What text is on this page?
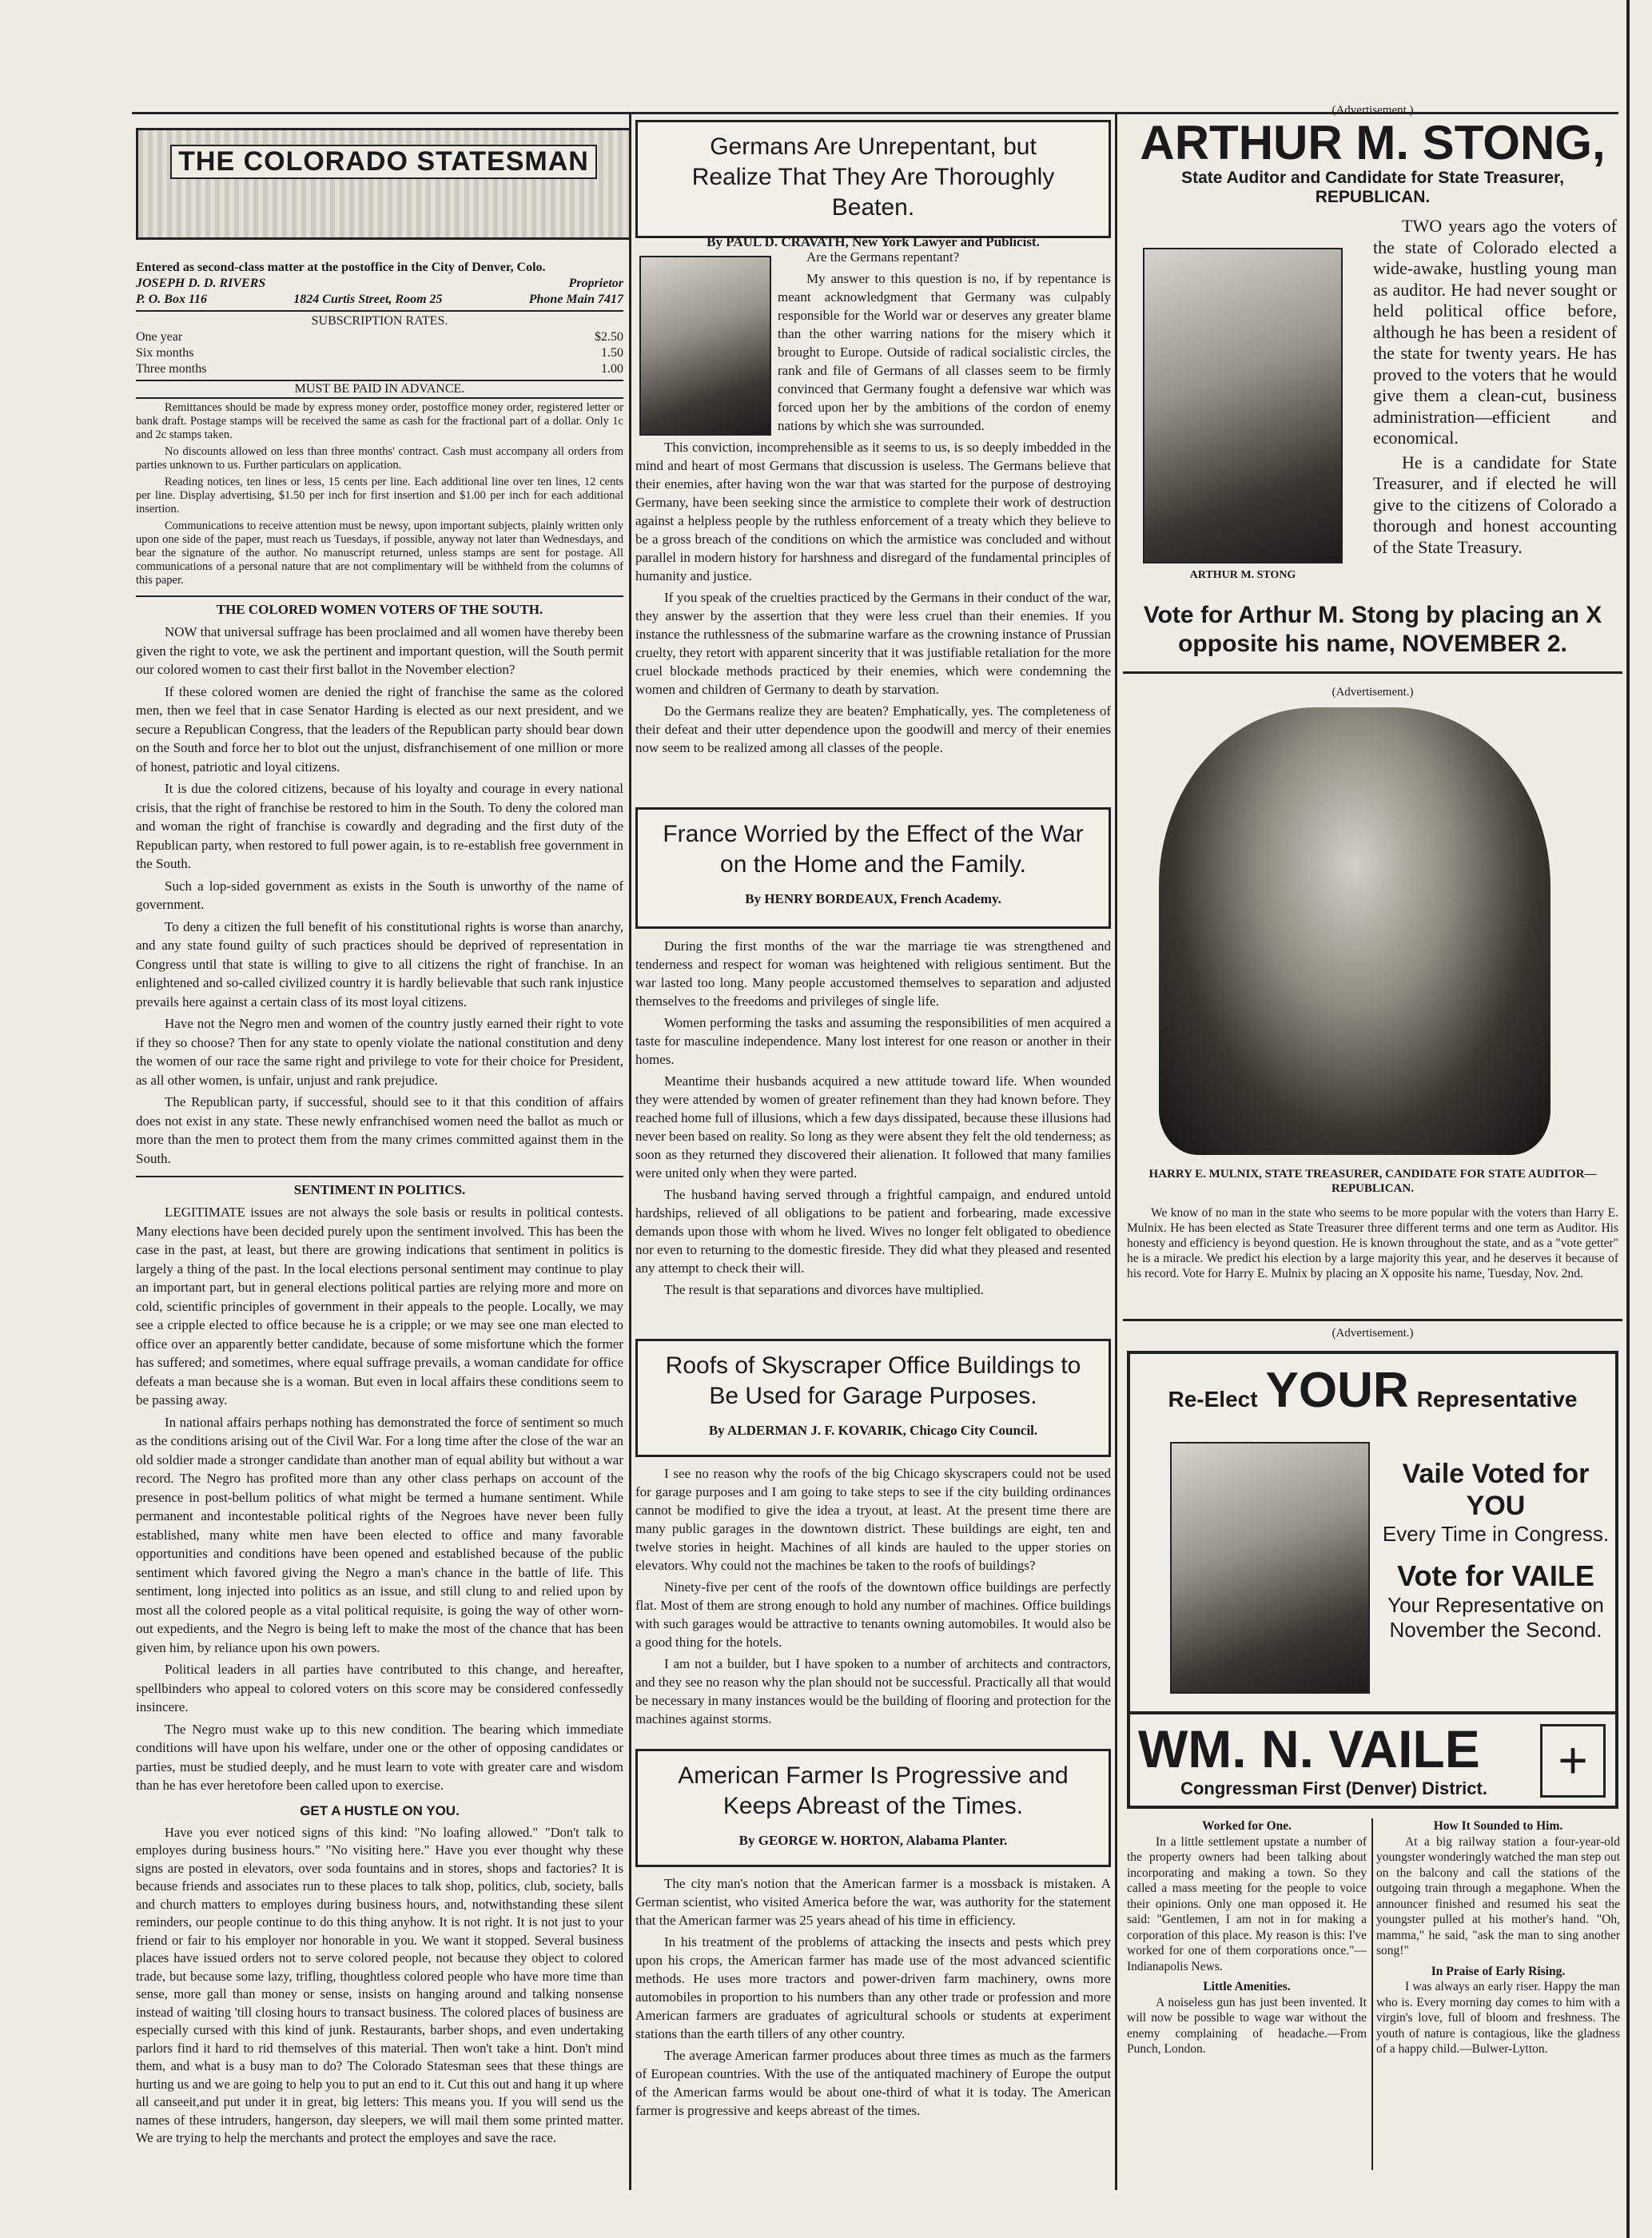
THE COLORADO STATESMAN
Entered as second-class matter at the postoffice in the City of Denver, Colo.
JOSEPH D. D. RIVERS	Proprietor
P. O. Box 116	1824 Curtis Street, Room 25	Phone Main 7417
SUBSCRIPTION RATES.
One year	$2.50
Six months	1.50
Three months	1.00
MUST BE PAID IN ADVANCE.

Remittances should be made by express money order, postoffice money order, registered letter or bank draft. Postage stamps will be received the same as cash for the fractional part of a dollar. Only 1c and 2c stamps taken.

No discounts allowed on less than three months' contract. Cash must accompany all orders from parties unknown to us. Further particulars on application.

Reading notices, ten lines or less, 15 cents per line. Each additional line over ten lines, 12 cents per line. Display advertising, $1.50 per inch for first insertion and $1.00 per inch for each additional insertion.

Communications to receive attention must be newsy, upon important subjects, plainly written only upon one side of the paper, must reach us Tuesdays, if possible, anyway not later than Wednesdays, and bear the signature of the author. No manuscript returned, unless stamps are sent for postage. All communications of a personal nature that are not complimentary will be withheld from the columns of this paper.

THE COLORED WOMEN VOTERS OF THE SOUTH.

NOW that universal suffrage has been proclaimed and all women have thereby been given the right to vote, we ask the pertinent and important question, will the South permit our colored women to cast their first ballot in the November election?

If these colored women are denied the right of franchise the same as the colored men, then we feel that in case Senator Harding is elected as our next president, and we secure a Republican Congress, that the leaders of the Republican party should bear down on the South and force her to blot out the unjust, disfranchisement of one million or more of honest, patriotic and loyal citizens.

It is due the colored citizens, because of his loyalty and courage in every national crisis, that the right of franchise be restored to him in the South. To deny the colored man and woman the right of franchise is cowardly and degrading and the first duty of the Republican party, when restored to full power again, is to re-establish free government in the South.

Such a lop-sided government as exists in the South is unworthy of the name of government.

To deny a citizen the full benefit of his constitutional rights is worse than anarchy, and any state found guilty of such practices should be deprived of representation in Congress until that state is willing to give to all citizens the right of franchise. In an enlightened and so-called civilized country it is hardly believable that such rank injustice prevails here against a certain class of its most loyal citizens.

Have not the Negro men and women of the country justly earned their right to vote if they so choose? Then for any state to openly violate the national constitution and deny the women of our race the same right and privilege to vote for their choice for President, as all other women, is unfair, unjust and rank prejudice.

The Republican party, if successful, should see to it that this condition of affairs does not exist in any state. These newly enfranchised women need the ballot as much or more than the men to protect them from the many crimes committed against them in the South.

SENTIMENT IN POLITICS.

LEGITIMATE issues are not always the sole basis or results in political contests. Many elections have been decided purely upon the sentiment involved. This has been the case in the past, at least, but there are growing indications that sentiment in politics is largely a thing of the past. In the local elections personal sentiment may continue to play an important part, but in general elections political parties are relying more and more on cold, scientific principles of government in their appeals to the people. Locally, we may see a cripple elected to office because he is a cripple; or we may see one man elected to office over an apparently better candidate, because of some misfortune which the former has suffered; and sometimes, where equal suffrage prevails, a woman candidate for office defeats a man because she is a woman. But even in local affairs these conditions seem to be passing away.

In national affairs perhaps nothing has demonstrated the force of sentiment so much as the conditions arising out of the Civil War. For a long time after the close of the war an old soldier made a stronger candidate than another man of equal ability but without a war record. The Negro has profited more than any other class perhaps on account of the presence in post-bellum politics of what might be termed a humane sentiment. While permanent and incontestable political rights of the Negroes have never been fully established, many white men have been elected to office and many favorable opportunities and conditions have been opened and established because of the public sentiment which favored giving the Negro a man's chance in the battle of life. This sentiment, long injected into politics as an issue, and still clung to and relied upon by most all the colored people as a vital political requisite, is going the way of other worn-out expedients, and the Negro is being left to make the most of the chance that has been given him, by reliance upon his own powers.

Political leaders in all parties have contributed to this change, and hereafter, spellbinders who appeal to colored voters on this score may be considered confessedly insincere.

The Negro must wake up to this new condition. The bearing which immediate conditions will have upon his welfare, under one or the other of opposing candidates or parties, must be studied deeply, and he must learn to vote with greater care and wisdom than he has ever heretofore been called upon to exercise.

GET A HUSTLE ON YOU.

Have you ever noticed signs of this kind: "No loafing allowed." "Don't talk to employes during business hours." "No visiting here." Have you ever thought why these signs are posted in elevators, over soda fountains and in stores, shops and factories? It is because friends and associates run to these places to talk shop, politics, club, society, balls and church matters to employes during business hours, and, notwithstanding these silent reminders, our people continue to do this thing anyhow. It is not right. It is not just to your friend or fair to his employer nor honorable in you. We want it stopped. Several business places have issued orders not to serve colored people, not because they object to colored trade, but because some lazy, trifling, thoughtless colored people who have more time than sense, more gall than money or sense, insists on hanging around and talking nonsense instead of waiting 'till closing hours to transact business. The colored places of business are especially cursed with this kind of junk. Restaurants, barber shops, and even undertaking parlors find it hard to rid themselves of this material. Then won't take a hint. Don't mind them, and what is a busy man to do? The Colorado Statesman sees that these things are hurting us and we are going to help you to put an end to it. Cut this out and hang it up where all canseeit,and put under it in great, big letters: This means you. If you will send us the names of these intruders, hangerson, day sleepers, we will mail them some printed matter. We are trying to help the merchants and protect the employes and save the race.

Germans Are Unrepentant, but Realize That They Are Thoroughly Beaten.
By PAUL D. CRAVATH, New York Lawyer and Publicist.

Are the Germans repentant?

My answer to this question is no, if by repentance is meant acknowledgment that Germany was culpably responsible for the World war or deserves any greater blame than the other warring nations for the misery which it brought to Europe. Outside of radical socialistic circles, the rank and file of Germans of all classes seem to be firmly convinced that Germany fought a defensive war which was forced upon her by the ambitions of the cordon of enemy nations by which she was surrounded.

This conviction, incomprehensible as it seems to us, is so deeply imbedded in the mind and heart of most Germans that discussion is useless. The Germans believe that their enemies, after having won the war that was started for the purpose of destroying Germany, have been seeking since the armistice to complete their work of destruction against a helpless people by the ruthless enforcement of a treaty which they believe to be a gross breach of the conditions on which the armistice was concluded and without parallel in modern history for harshness and disregard of the fundamental principles of humanity and justice.

If you speak of the cruelties practiced by the Germans in their conduct of the war, they answer by the assertion that they were less cruel than their enemies. If you instance the ruthlessness of the submarine warfare as the crowning instance of Prussian cruelty, they retort with apparent sincerity that it was justifiable retaliation for the more cruel blockade methods practiced by their enemies, which were condemning the women and children of Germany to death by starvation.

Do the Germans realize they are beaten? Emphatically, yes. The completeness of their defeat and their utter dependence upon the goodwill and mercy of their enemies now seem to be realized among all classes of the people.

France Worried by the Effect of the War on the Home and the Family.
By HENRY BORDEAUX, French Academy.

During the first months of the war the marriage tie was strengthened and tenderness and respect for woman was heightened with religious sentiment. But the war lasted too long. Many people accustomed themselves to separation and adjusted themselves to the freedoms and privileges of single life.

Women performing the tasks and assuming the responsibilities of men acquired a taste for masculine independence. Many lost interest for one reason or another in their homes.

Meantime their husbands acquired a new attitude toward life. When wounded they were attended by women of greater refinement than they had known before. They reached home full of illusions, which a few days dissipated, because these illusions had never been based on reality. So long as they were absent they felt the old tenderness; as soon as they returned they discovered their alienation. It followed that many families were united only when they were parted.

The husband having served through a frightful campaign, and endured untold hardships, relieved of all obligations to be patient and forbearing, made excessive demands upon those with whom he lived. Wives no longer felt obligated to obedience nor even to returning to the domestic fireside. They did what they pleased and resented any attempt to check their will.

The result is that separations and divorces have multiplied.

Roofs of Skyscraper Office Buildings to Be Used for Garage Purposes.
By ALDERMAN J. F. KOVARIK, Chicago City Council.

I see no reason why the roofs of the big Chicago skyscrapers could not be used for garage purposes and I am going to take steps to see if the city building ordinances cannot be modified to give the idea a tryout, at least. At the present time there are many public garages in the downtown district. These buildings are eight, ten and twelve stories in height. Machines of all kinds are hauled to the upper stories on elevators. Why could not the machines be taken to the roofs of buildings?

Ninety-five per cent of the roofs of the downtown office buildings are perfectly flat. Most of them are strong enough to hold any number of machines. Office buildings with such garages would be attractive to tenants owning automobiles. It would also be a good thing for the hotels.

I am not a builder, but I have spoken to a number of architects and contractors, and they see no reason why the plan should not be successful. Practically all that would be necessary in many instances would be the building of flooring and protection for the machines against storms.

American Farmer Is Progressive and Keeps Abreast of the Times.
By GEORGE W. HORTON, Alabama Planter.

The city man's notion that the American farmer is a mossback is mistaken. A German scientist, who visited America before the war, was authority for the statement that the American farmer was 25 years ahead of his time in efficiency.

In his treatment of the problems of attacking the insects and pests which prey upon his crops, the American farmer has made use of the most advanced scientific methods. He uses more tractors and power-driven farm machinery, owns more automobiles in proportion to his numbers than any other trade or profession and more American farmers are graduates of agricultural schools or students at experiment stations than the earth tillers of any other country.

The average American farmer produces about three times as much as the farmers of European countries. With the use of the antiquated machinery of Europe the output of the American farms would be about one-third of what it is today. The American farmer is progressive and keeps abreast of the times.

(Advertisement.)
ARTHUR M. STONG,
State Auditor and Candidate for State Treasurer,
REPUBLICAN.
ARTHUR M. STONG

TWO years ago the voters of the state of Colorado elected a wide-awake, hustling young man as auditor. He had never sought or held political office before, although he has been a resident of the state for twenty years. He has proved to the voters that he would give them a clean-cut, business administration—efficient and economical.

He is a candidate for State Treasurer, and if elected he will give to the citizens of Colorado a thorough and honest accounting of the State Treasury.

Vote for Arthur M. Stong by placing an X opposite his name, NOVEMBER 2.
(Advertisement.)
HARRY E. MULNIX, STATE TREASURER, CANDIDATE FOR STATE AUDITOR—REPUBLICAN.
We know of no man in the state who seems to be more popular with the voters than Harry E. Mulnix. He has been elected as State Treasurer three different terms and one term as Auditor. His honesty and efficiency is beyond question. He is known throughout the state, and as a "vote getter" he is a miracle. We predict his election by a large majority this year, and he deserves it because of his record. Vote for Harry E. Mulnix by placing an X opposite his name, Tuesday, Nov. 2nd.
(Advertisement.)
Re-Elect YOUR Representative
Vaile Voted for YOU
Every Time in Congress.
Vote for VAILE
Your Representative on November the Second.
WM. N. VAILE
Congressman First (Denver) District.	+
Worked for One.

In a little settlement upstate a number of the property owners had been talking about incorporating and making a town. So they called a mass meeting for the people to voice their opinions. Only one man opposed it. He said: "Gentlemen, I am not in for making a corporation of this place. My reason is this: I've worked for one of them corporations once."—Indianapolis News.

Little Amenities.

A noiseless gun has just been invented. It will now be possible to wage war without the enemy complaining of headache.—From Punch, London.

How It Sounded to Him.

At a big railway station a four-year-old youngster wonderingly watched the man step out on the balcony and call the stations of the outgoing train through a megaphone. When the announcer finished and resumed his seat the youngster pulled at his mother's hand. "Oh, mamma," he said, "ask the man to sing another song!"

In Praise of Early Rising.

I was always an early riser. Happy the man who is. Every morning day comes to him with a virgin's love, full of bloom and freshness. The youth of nature is contagious, like the gladness of a happy child.—Bulwer-Lytton.
